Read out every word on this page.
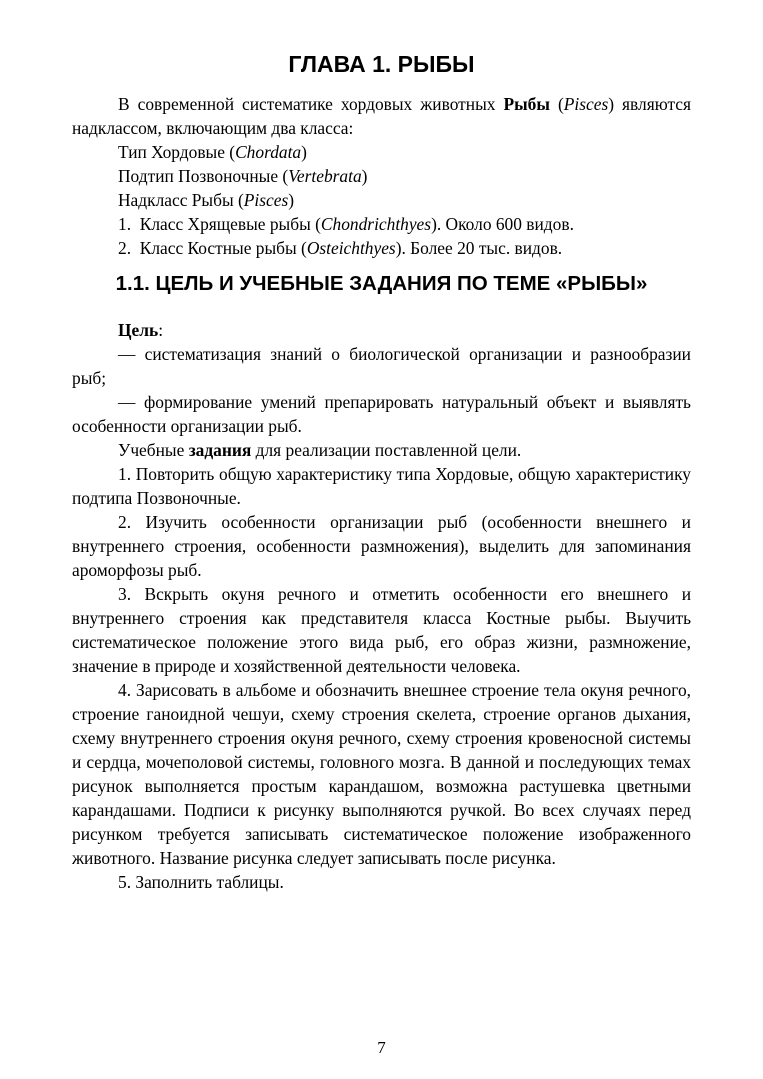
ГЛАВА 1. РЫБЫ

В современной систематике хордовых животных Рыбы (Pisces) являются надклассом, включающим два класса:

Тип Хордовые (Chordata)

Подтип Позвоночные (Vertebrata)

Надкласс Рыбы (Pisces)

1. Класс Хрящевые рыбы (Chondrichthyes). Около 600 видов.

2. Класс Костные рыбы (Osteichthyes). Более 20 тыс. видов.

1.1. ЦЕЛЬ И УЧЕБНЫЕ ЗАДАНИЯ ПО ТЕМЕ «РЫБЫ»

Цель:

— систематизация знаний о биологической организации и разнообразии рыб;

— формирование умений препарировать натуральный объект и выявлять особенности организации рыб.

Учебные задания для реализации поставленной цели.

1. Повторить общую характеристику типа Хордовые, общую характеристику подтипа Позвоночные.

2. Изучить особенности организации рыб (особенности внешнего и внутреннего строения, особенности размножения), выделить для запоминания ароморфозы рыб.

3. Вскрыть окуня речного и отметить особенности его внешнего и внутреннего строения как представителя класса Костные рыбы. Выучить систематическое положение этого вида рыб, его образ жизни, размножение, значение в природе и хозяйственной деятельности человека.

4. Зарисовать в альбоме и обозначить внешнее строение тела окуня речного, строение ганоидной чешуи, схему строения скелета, строение органов дыхания, схему внутреннего строения окуня речного, схему строения кровеносной системы и сердца, мочеполовой системы, головного мозга. В данной и последующих темах рисунок выполняется простым карандашом, возможна растушевка цветными карандашами. Подписи к рисунку выполняются ручкой. Во всех случаях перед рисунком требуется записывать систематическое положение изображенного животного. Название рисунка следует записывать после рисунка.

5. Заполнить таблицы.

7
